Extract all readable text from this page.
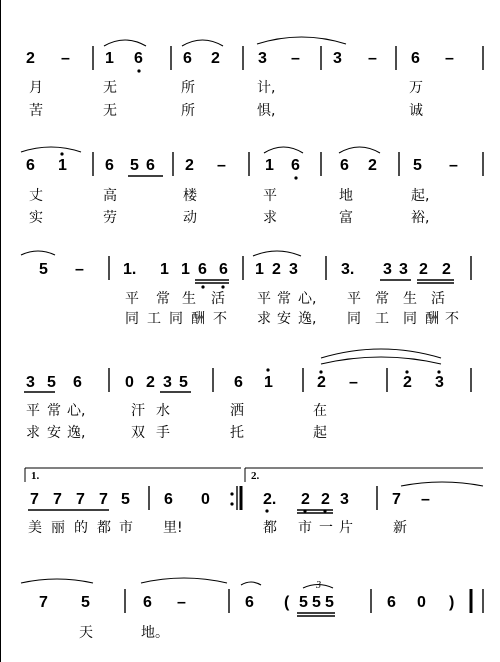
2 – 1 6	6 2 3 – 3 – 6 –
月	无	所	计,	万
苦	无	所	惧,	诚
6 1 6 5 6 2 – 1 6	6 2 5 –
丈	高	楼	平	地	起,
实	劳	动	求	富	裕,
5 – 1. 1 1 6 6 1 2 3	3. 3 3 2 2
平 常 生 活 平 常 心, 平 常 生 活
同 工 同 酬 不 求 安 逸, 同 工 同 酬 不
3 5 6	0 2 3 5	6 1	2 –	2 3
平 常 心,	汗 水	洒	在
求 安 逸,	双 手	托	起
1.	2.
7 7 7 7 5 6 0	2. 2 2 3	7 –
美 丽 的 都 市 里!	都 市 一 片	新
3
7 5	6 –	6 ( 5 5 5	6 0 )
天	地。
